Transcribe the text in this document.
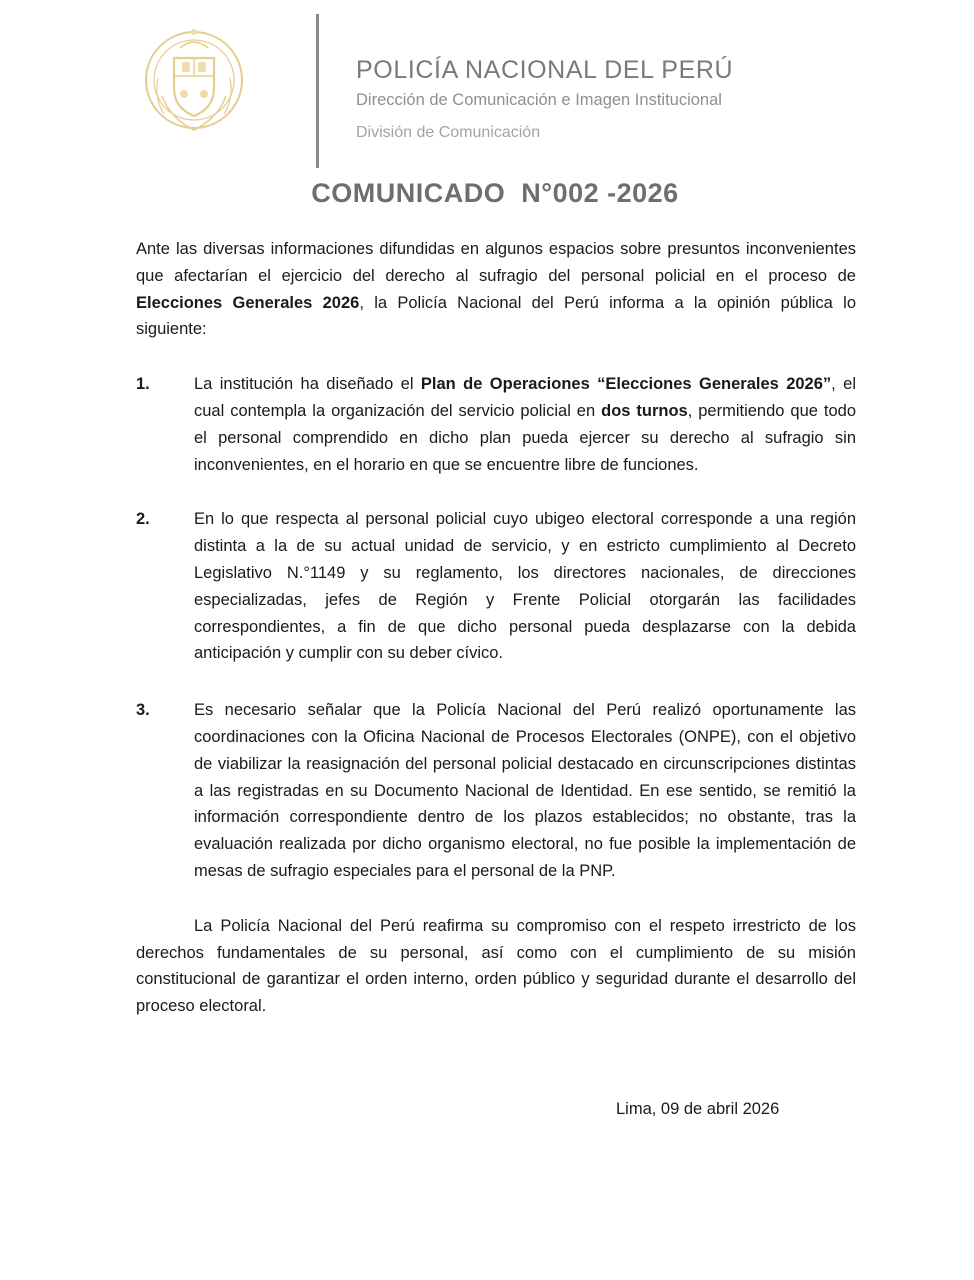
POLICÍA NACIONAL DEL PERÚ
Dirección de Comunicación e Imagen Institucional
División de Comunicación
COMUNICADO  N°002 -2026

Ante las diversas informaciones difundidas en algunos espacios sobre presuntos inconvenientes que afectarían el ejercicio del derecho al sufragio del personal policial en el proceso de Elecciones Generales 2026, la Policía Nacional del Perú informa a la opinión pública lo siguiente:

1.	La institución ha diseñado el Plan de Operaciones “Elecciones Generales 2026”, el cual contempla la organización del servicio policial en dos turnos, permitiendo que todo el personal comprendido en dicho plan pueda ejercer su derecho al sufragio sin inconvenientes, en el horario en que se encuentre libre de funciones.
2.	En lo que respecta al personal policial cuyo ubigeo electoral corresponde a una región distinta a la de su actual unidad de servicio, y en estricto cumplimiento al Decreto Legislativo N.°1149 y su reglamento, los directores nacionales, de direcciones especializadas, jefes de Región y Frente Policial otorgarán las facilidades correspondientes, a fin de que dicho personal pueda desplazarse con la debida anticipación y cumplir con su deber cívico.
3.	Es necesario señalar que la Policía Nacional del Perú realizó oportunamente las coordinaciones con la Oficina Nacional de Procesos Electorales (ONPE), con el objetivo de viabilizar la reasignación del personal policial destacado en circunscripciones distintas a las registradas en su Documento Nacional de Identidad. En ese sentido, se remitió la información correspondiente dentro de los plazos establecidos; no obstante, tras la evaluación realizada por dicho organismo electoral, no fue posible la implementación de mesas de sufragio especiales para el personal de la PNP.

La Policía Nacional del Perú reafirma su compromiso con el respeto irrestricto de los derechos fundamentales de su personal, así como con el cumplimiento de su misión constitucional de garantizar el orden interno, orden público y seguridad durante el desarrollo del proceso electoral.

Lima, 09 de abril 2026
